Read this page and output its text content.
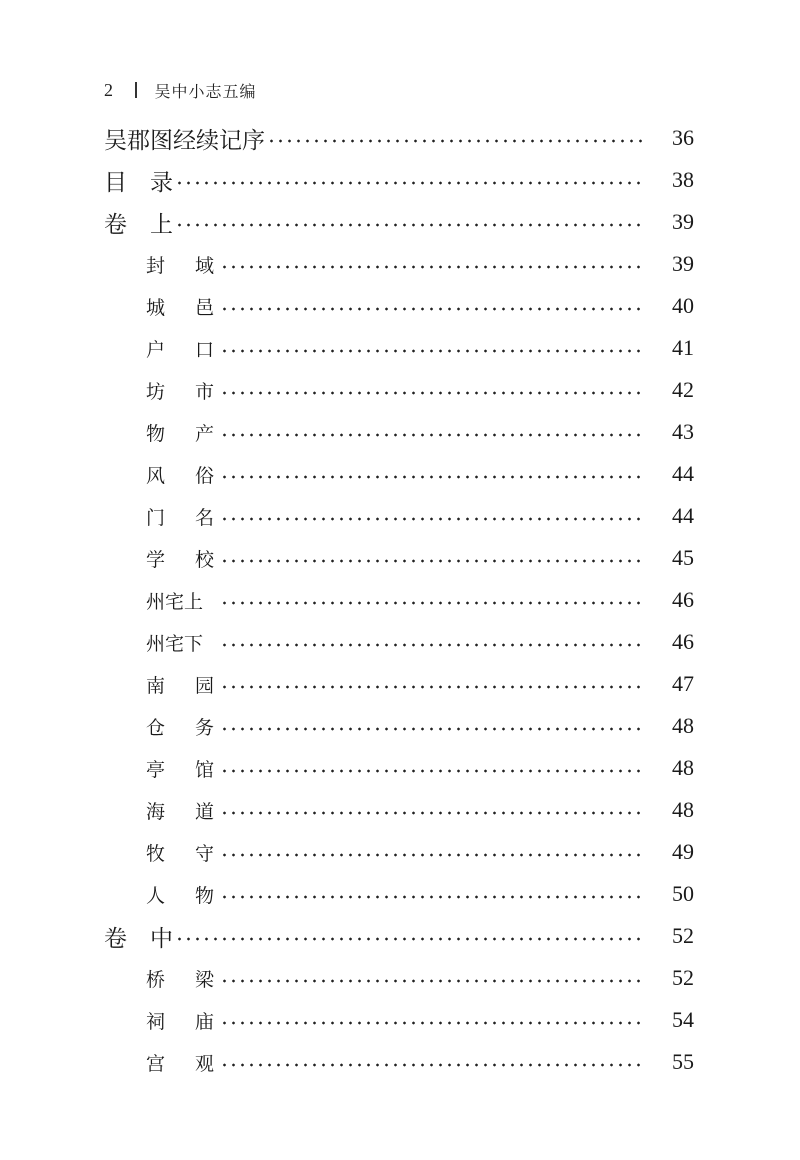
2	吴中小志五编
吴郡图经续记序	36
目　录	38
卷　上	39
封 域	39
城 邑	40
户 口	41
坊 市	42
物 产	43
风 俗	44
门 名	44
学 校	45
州宅上	46
州宅下	46
南 园	47
仓 务	48
亭 馆	48
海 道	48
牧 守	49
人 物	50
卷　中	52
桥 梁	52
祠 庙	54
宫 观	55
